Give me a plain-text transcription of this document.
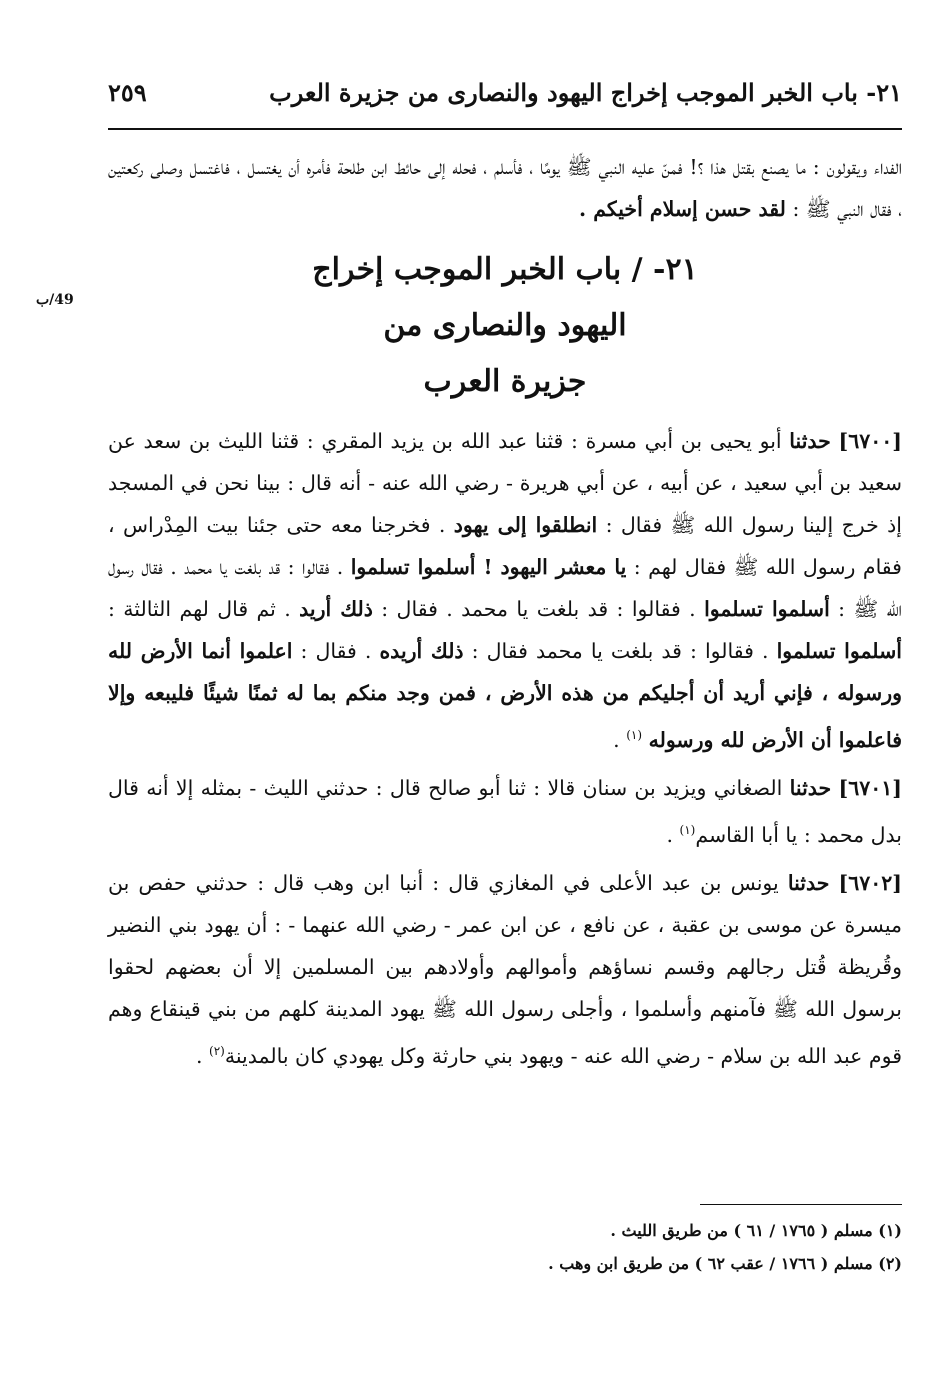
٢١- باب الخبر الموجب إخراج اليهود والنصارى من جزيرة العرب
٢٥٩
49/ب

الفداء ويقولون : ما يصنع بقتل هذا ؟! فمنّ عليه النبي ﷺ يومًا ، فأسلم ، فحله إلى حائط ابن طلحة فأمره أن يغتسل ، فاغتسل وصلى ركعتين ، فقال النبي ﷺ : لقد حسن إسلام أخيكم .

٢١- / باب الخبر الموجب إخراج
اليهود والنصارى من
جزيرة العرب

[٦٧٠٠] حدثنا أبو يحيى بن أبي مسرة : قثنا عبد الله بن يزيد المقري : قثنا الليث بن سعد عن سعيد بن أبي سعيد ، عن أبيه ، عن أبي هريرة - رضي الله عنه - أنه قال : بينا نحن في المسجد إذ خرج إلينا رسول الله ﷺ فقال : انطلقوا إلى يهود . فخرجنا معه حتى جئنا بيت المِدْراس ، فقام رسول الله ﷺ فقال لهم : يا معشر اليهود ! أسلموا تسلموا . فقالوا : قد بلغت يا محمد . فقال رسول الله ﷺ : أسلموا تسلموا . فقالوا : قد بلغت يا محمد . فقال : ذلك أريد . ثم قال لهم الثالثة : أسلموا تسلموا . فقالوا : قد بلغت يا محمد فقال : ذلك أريده . فقال : اعلموا أنما الأرض لله ورسوله ، فإني أريد أن أجليكم من هذه الأرض ، فمن وجد منكم بما له ثمنًا شيئًا فليبعه وإلا فاعلموا أن الأرض لله ورسوله $^{(١)}$ .

[٦٧٠١] حدثنا الصغاني ويزيد بن سنان قالا : ثنا أبو صالح قال : حدثني الليث - بمثله إلا أنه قال بدل محمد : يا أبا القاسم$^{(١)}$ .

[٦٧٠٢] حدثنا يونس بن عبد الأعلى في المغازي قال : أنبا ابن وهب قال : حدثني حفص بن ميسرة عن موسى بن عقبة ، عن نافع ، عن ابن عمر - رضي الله عنهما - : أن يهود بني النضير وقُريظة قُتل رجالهم وقسم نساؤهم وأموالهم وأولادهم بين المسلمين إلا أن بعضهم لحقوا برسول الله ﷺ فآمنهم وأسلموا ، وأجلى رسول الله ﷺ يهود المدينة كلهم من بني قينقاع وهم قوم عبد الله بن سلام - رضي الله عنه - ويهود بني حارثة وكل يهودي كان بالمدينة$^{(٢)}$ .

(١) مسلم ( ١٧٦٥ / ٦١ ) من طريق الليث .
(٢) مسلم ( ١٧٦٦ / عقب ٦٢ ) من طريق ابن وهب .
